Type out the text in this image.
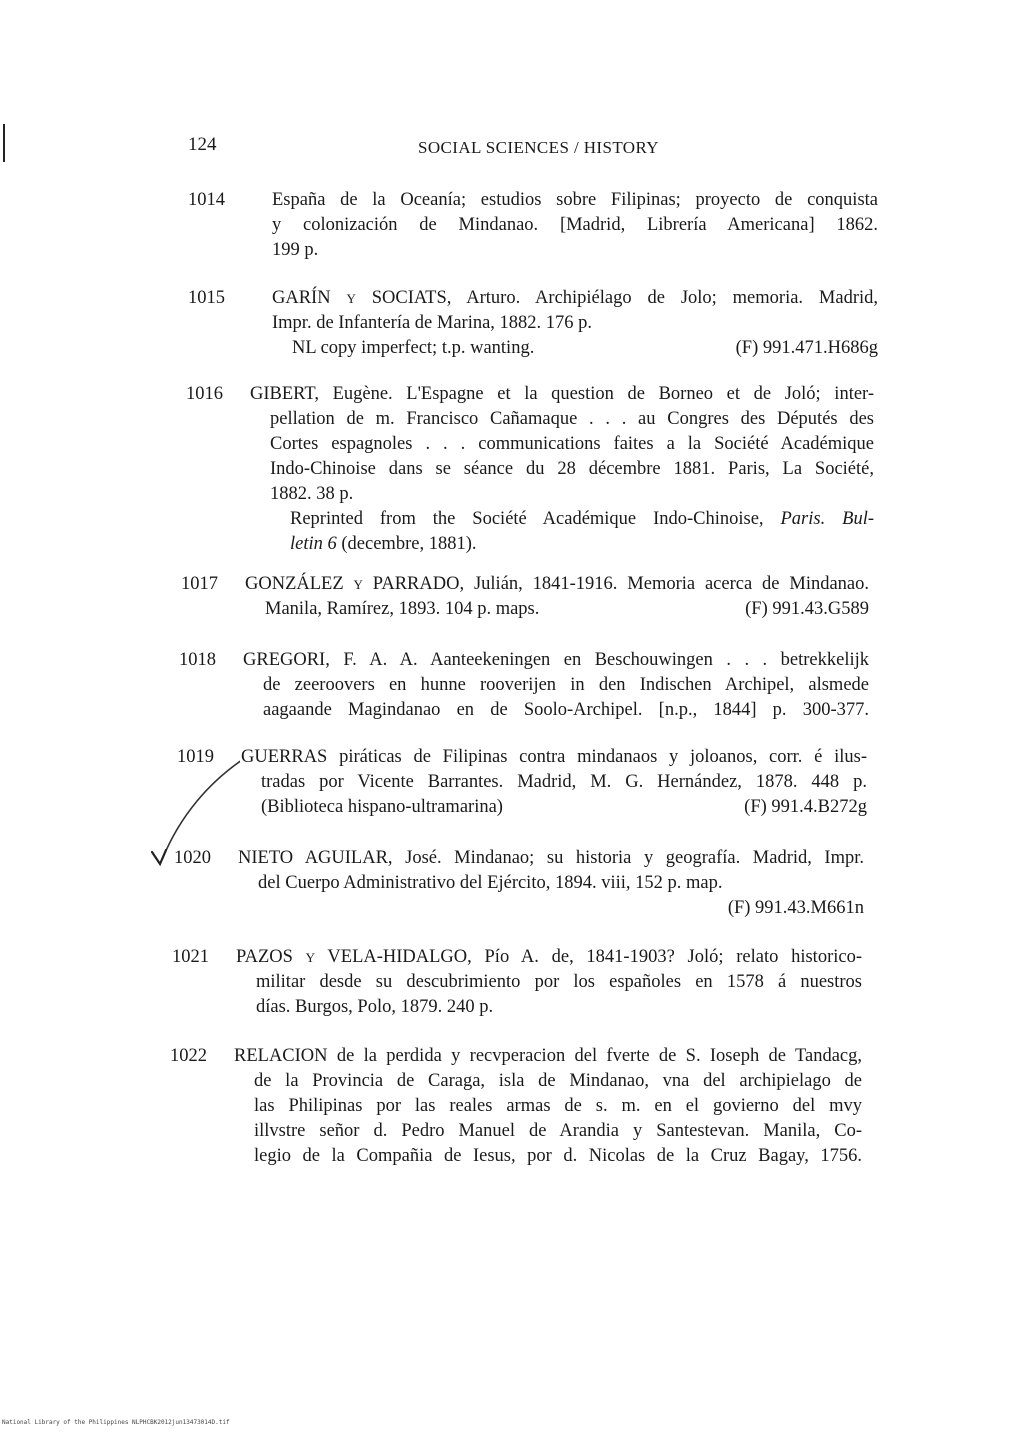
124	SOCIAL SCIENCES / HISTORY
1014	España de la Oceanía; estudios sobre Filipinas; proyecto de conquista
y colonización de Mindanao. [Madrid, Librería Americana] 1862.
199 p.
1015	GARÍN y SOCIATS, Arturo. Archipiélago de Jolo; memoria. Madrid,
Impr. de Infantería de Marina, 1882. 176 p.
NL copy imperfect; t.p. wanting.	(F) 991.471.H686g
1016 GIBERT, Eugène. L'Espagne et la question de Borneo et de Joló; inter-
pellation de m. Francisco Cañamaque . . . au Congres des Députés des
Cortes espagnoles . . . communications faites a la Société Académique
Indo-Chinoise dans se séance du 28 décembre 1881. Paris, La Société,
1882. 38 p.
Reprinted from the Société Académique Indo-Chinoise, Paris. Bul-
letin 6 (decembre, 1881).
1017 GONZÁLEZ y PARRADO, Julián, 1841-1916. Memoria acerca de Mindanao.
Manila, Ramírez, 1893. 104 p. maps.	(F) 991.43.G589
1018 GREGORI, F. A. A. Aanteekeningen en Beschouwingen . . . betrekkelijk
de zeeroovers en hunne rooverijen in den Indischen Archipel, alsmede
aagaande Magindanao en de Soolo-Archipel. [n.p., 1844] p. 300-377.
1019 GUERRAS piráticas de Filipinas contra mindanaos y joloanos, corr. é ilus-
tradas por Vicente Barrantes. Madrid, M. G. Hernández, 1878. 448 p.
(Biblioteca hispano-ultramarina)	(F) 991.4.B272g
1020 NIETO AGUILAR, José. Mindanao; su historia y geografía. Madrid, Impr.
del Cuerpo Administrativo del Ejército, 1894. viii, 152 p. map.
(F) 991.43.M661n
1021 PAZOS y VELA-HIDALGO, Pío A. de, 1841-1903? Joló; relato historico-
militar desde su descubrimiento por los españoles en 1578 á nuestros
días. Burgos, Polo, 1879. 240 p.
1022 RELACION de la perdida y recvperacion del fverte de S. Ioseph de Tandacg,
de la Provincia de Caraga, isla de Mindanao, vna del archipielago de
las Philipinas por las reales armas de s. m. en el govierno del mvy
illvstre señor d. Pedro Manuel de Arandia y Santestevan. Manila, Co-
legio de la Compañia de Iesus, por d. Nicolas de la Cruz Bagay, 1756.
National Library of the Philippines NLPHCBK2012jun13473014D.tif
